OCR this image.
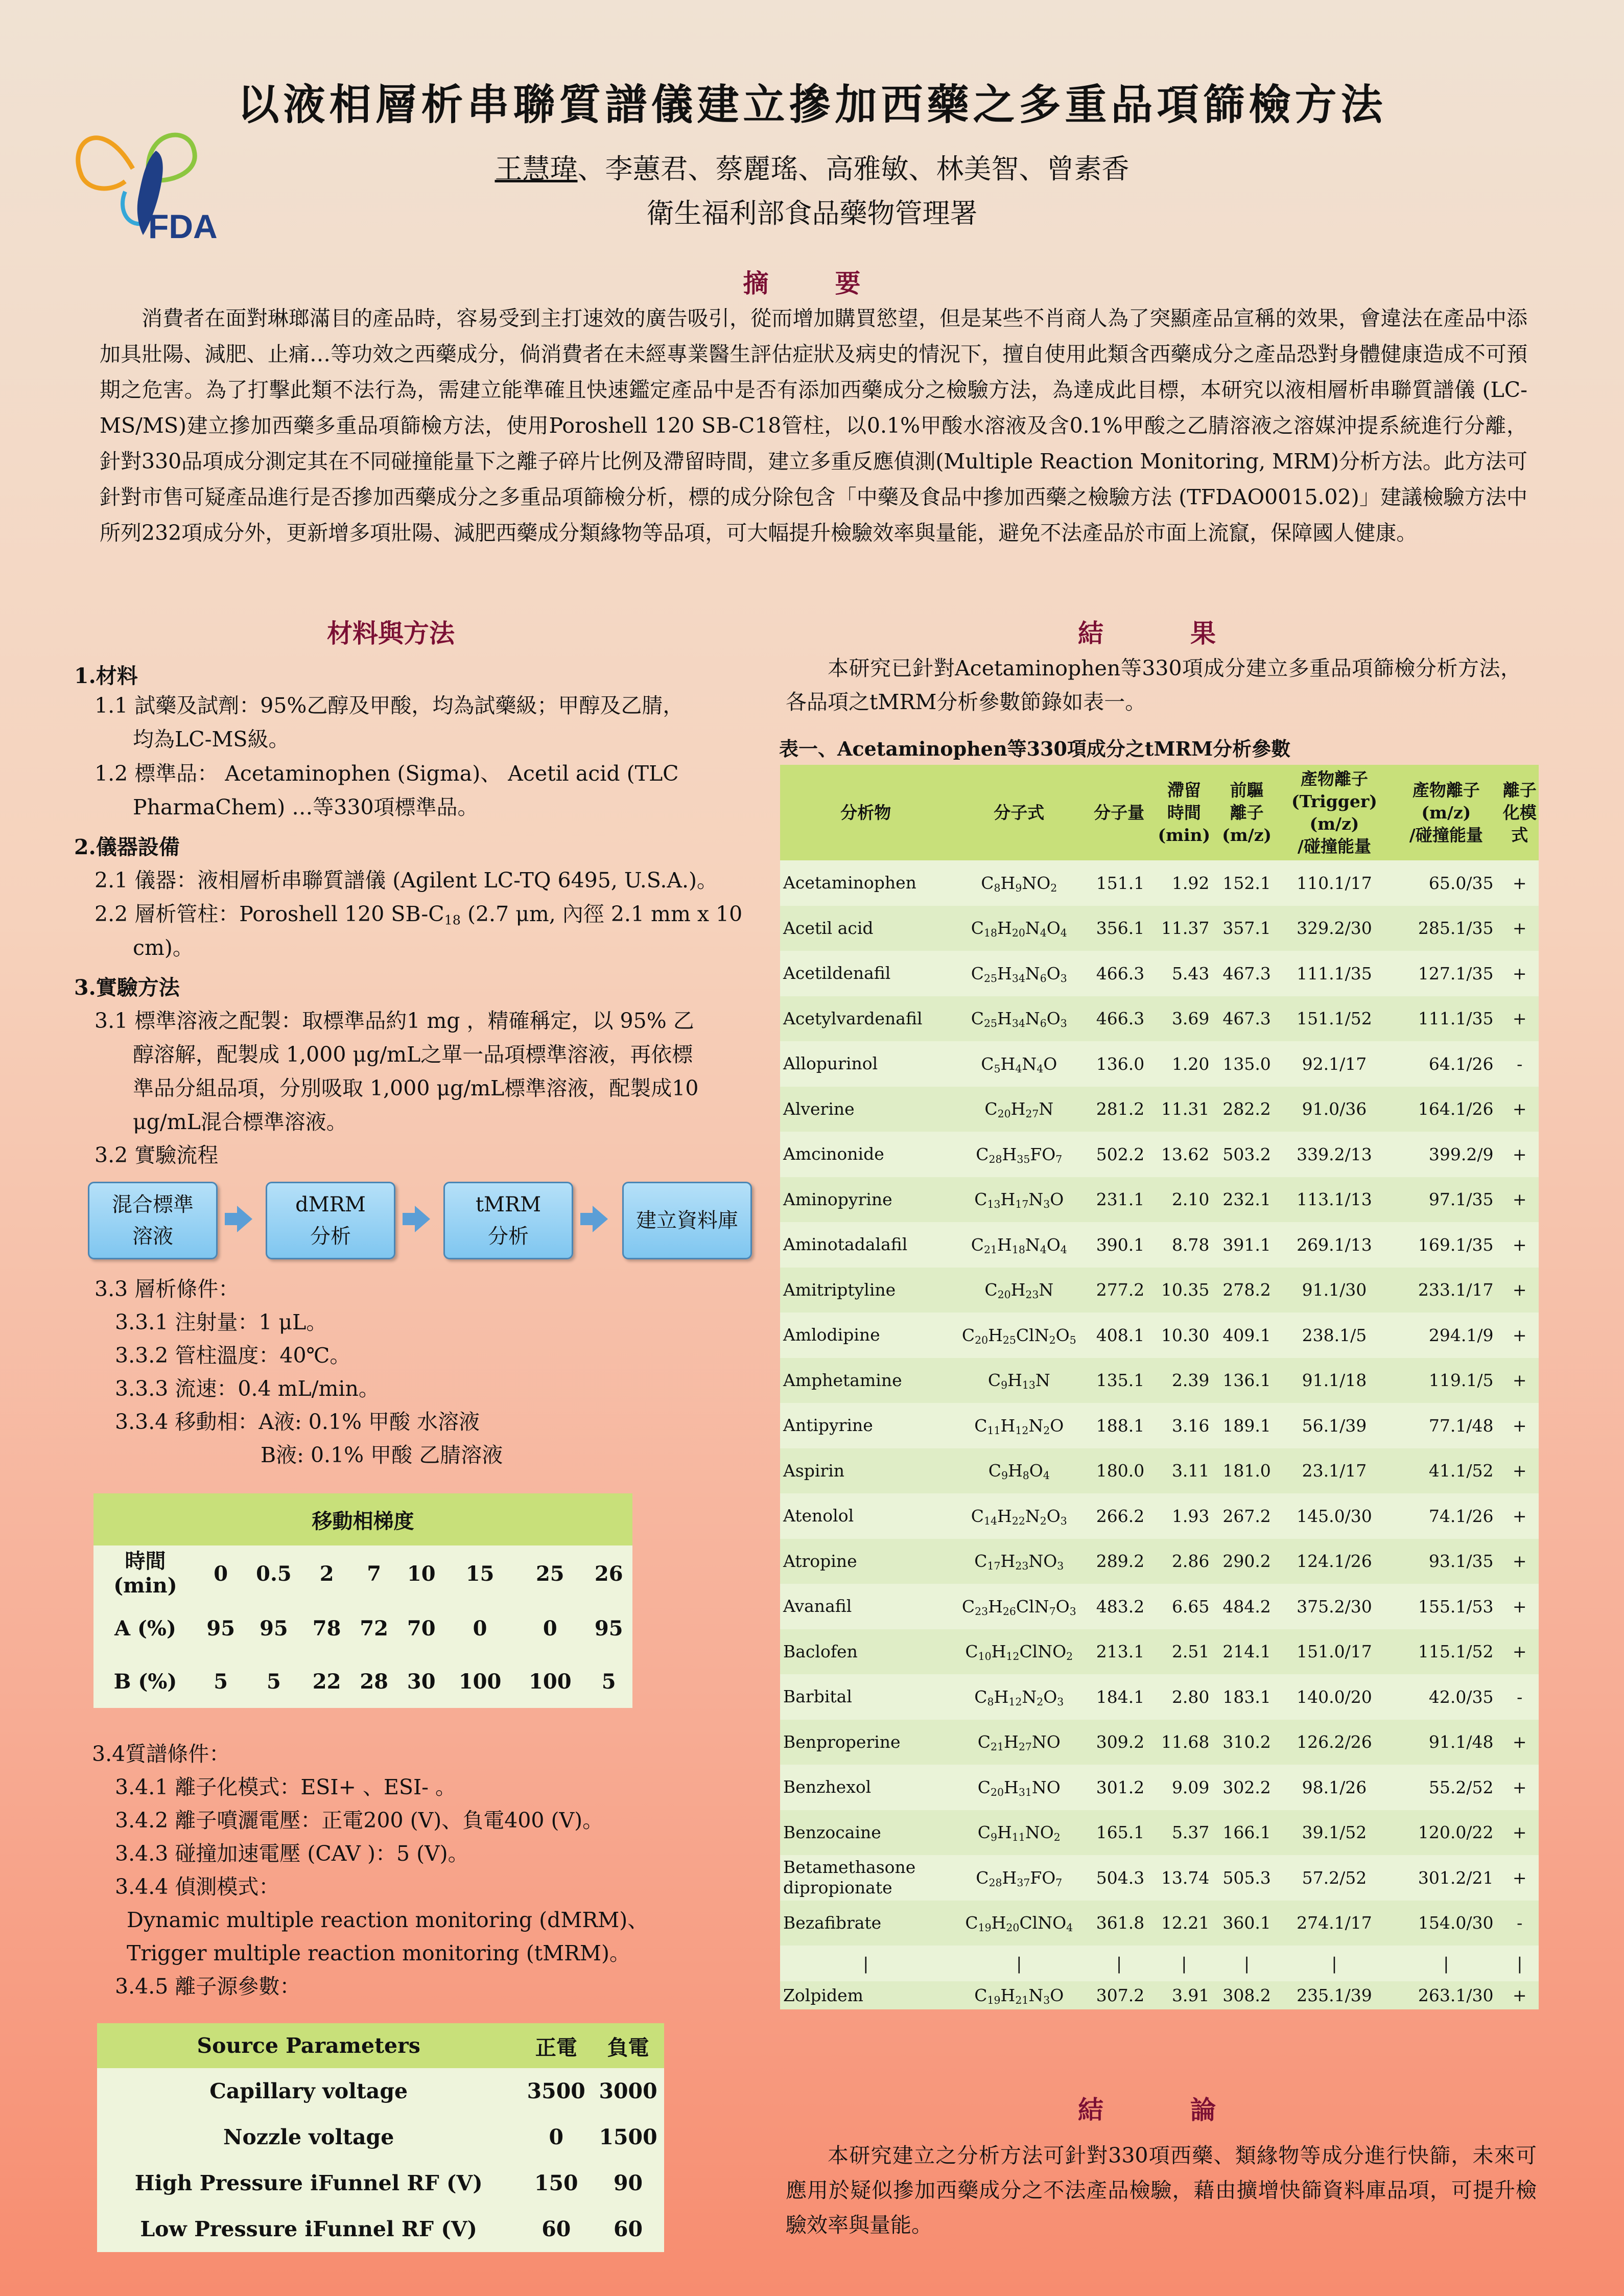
以液相層析串聯質譜儀建立摻加西藥之多重品項篩檢方法
王慧瑋、李蕙君、蔡麗瑤、高雅敏、林美智、曾素香
衛生福利部食品藥物管理署
FDA
摘　要
消費者在面對琳瑯滿目的產品時，容易受到主打速效的廣告吸引，從而增加購買慾望，但是某些不肖商人為了突顯產品宣稱的效果，會違法在產品中添加具壯陽、減肥、止痛…等功效之西藥成分，倘消費者在未經專業醫生評估症狀及病史的情況下，擅自使用此類含西藥成分之產品恐對身體健康造成不可預期之危害。為了打擊此類不法行為，需建立能準確且快速鑑定產品中是否有添加西藥成分之檢驗方法，為達成此目標，本研究以液相層析串聯質譜儀 (LC-MS/MS)建立摻加西藥多重品項篩檢方法，使用Poroshell 120 SB-C18管柱，以0.1%甲酸水溶液及含0.1%甲酸之乙腈溶液之溶媒沖提系統進行分離，針對330品項成分測定其在不同碰撞能量下之離子碎片比例及滯留時間，建立多重反應偵測(Multiple Reaction Monitoring, MRM)分析方法。此方法可針對市售可疑產品進行是否摻加西藥成分之多重品項篩檢分析，標的成分除包含「中藥及食品中摻加西藥之檢驗方法 (TFDAO0015.02)」建議檢驗方法中所列232項成分外，更新增多項壯陽、減肥西藥成分類緣物等品項，可大幅提升檢驗效率與量能，避免不法產品於市面上流竄，保障國人健康。
材料與方法	結　果
1.材料
1.1 試藥及試劑：95%乙醇及甲酸，均為試藥級；甲醇及乙腈，
均為LC-MS級。
1.2 標準品： Acetaminophen (Sigma)、 Acetil acid (TLC
PharmaChem) …等330項標準品。
2.儀器設備
2.1 儀器：液相層析串聯質譜儀 (Agilent LC-TQ 6495, U.S.A.)。
2.2 層析管柱：Poroshell 120 $SB-C_{18}$ (2.7 μm, 內徑 2.1 mm x 10
cm)。
3.實驗方法
3.1 標準溶液之配製：取標準品約1 mg ，精確稱定，以 95% 乙
醇溶解，配製成 1,000 μg/mL之單一品項標準溶液，再依標
準品分組品項，分別吸取 1,000 μg/mL標準溶液，配製成10
μg/mL混合標準溶液。
3.2 實驗流程
混合標準
溶液
dMRM
分析
tMRM
分析
建立資料庫
3.3 層析條件：
3.3.1 注射量：1 μL。
3.3.2 管柱溫度：40℃。
3.3.3 流速：0.4 mL/min。
3.3.4 移動相：A液: 0.1% 甲酸 水溶液
B液: 0.1% 甲酸 乙腈溶液
移動相梯度								
時間
(min)	0	0.5	2	7	10	15	25	26
A (%)	95	95	78	72	70	0	0	95
B (%)	5	5	22	28	30	100	100	5
3.4質譜條件：
3.4.1 離子化模式：ESI+ 、ESI- 。
3.4.2 離子噴灑電壓：正電200 (V)、負電400 (V)。
3.4.3 碰撞加速電壓 (CAV )：5 (V)。
3.4.4 偵測模式：
Dynamic multiple reaction monitoring (dMRM)、
Trigger multiple reaction monitoring (tMRM)。
3.4.5 離子源參數：
Source Parameters	正電	負電
Capillary voltage	3500	3000
Nozzle voltage	0	1500
High Pressure iFunnel RF (V)	150	90
Low Pressure iFunnel RF (V)	60	60
本研究已針對Acetaminophen等330項成分建立多重品項篩檢分析方法，各品項之tMRM分析參數節錄如表一。
表一、Acetaminophen等330項成分之tMRM分析參數
分析物	分子式	分子量	滯留
時間
(min)	前驅
離子
(m/z)	產物離子
(Trigger)
(m/z)
/碰撞能量	產物離子
(m/z)
/碰撞能量	離子
化模
式
Acetaminophen	$C_8H_9NO_2$	151.1	1.92	152.1	110.1/17	65.0/35	+
Acetil acid	$C_{18}H_{20}N_4O_4$	356.1	11.37	357.1	329.2/30	285.1/35	+
Acetildenafil	$C_{25}H_{34}N_6O_3$	466.3	5.43	467.3	111.1/35	127.1/35	+
Acetylvardenafil	$C_{25}H_{34}N_6O_3$	466.3	3.69	467.3	151.1/52	111.1/35	+
Allopurinol	$C_5H_4N_4O$	136.0	1.20	135.0	92.1/17	64.1/26	-
Alverine	$C_{20}H_{27}N$	281.2	11.31	282.2	91.0/36	164.1/26	+
Amcinonide	$C_{28}H_{35}FO_7$	502.2	13.62	503.2	339.2/13	399.2/9	+
Aminopyrine	$C_{13}H_{17}N_3O$	231.1	2.10	232.1	113.1/13	97.1/35	+
Aminotadalafil	$C_{21}H_{18}N_4O_4$	390.1	8.78	391.1	269.1/13	169.1/35	+
Amitriptyline	$C_{20}H_{23}N$	277.2	10.35	278.2	91.1/30	233.1/17	+
Amlodipine	$C_{20}H_{25}ClN_2O_5$	408.1	10.30	409.1	238.1/5	294.1/9	+
Amphetamine	$C_9H_{13}N$	135.1	2.39	136.1	91.1/18	119.1/5	+
Antipyrine	$C_{11}H_{12}N_2O$	188.1	3.16	189.1	56.1/39	77.1/48	+
Aspirin	$C_9H_8O_4$	180.0	3.11	181.0	23.1/17	41.1/52	+
Atenolol	$C_{14}H_{22}N_2O_3$	266.2	1.93	267.2	145.0/30	74.1/26	+
Atropine	$C_{17}H_{23}NO_3$	289.2	2.86	290.2	124.1/26	93.1/35	+
Avanafil	$C_{23}H_{26}ClN_7O_3$	483.2	6.65	484.2	375.2/30	155.1/53	+
Baclofen	$C_{10}H_{12}ClNO_2$	213.1	2.51	214.1	151.0/17	115.1/52	+
Barbital	$C_8H_{12}N_2O_3$	184.1	2.80	183.1	140.0/20	42.0/35	-
Benproperine	$C_{21}H_{27}NO$	309.2	11.68	310.2	126.2/26	91.1/48	+
Benzhexol	$C_{20}H_{31}NO$	301.2	9.09	302.2	98.1/26	55.2/52	+
Benzocaine	$C_9H_{11}NO_2$	165.1	5.37	166.1	39.1/52	120.0/22	+
Betamethasone dipropionate	$C_{28}H_{37}FO_7$	504.3	13.74	505.3	57.2/52	301.2/21	+
Bezafibrate	$C_{19}H_{20}ClNO_4$	361.8	12.21	360.1	274.1/17	154.0/30	-
|	|	|	|	|	|	|	|
Zolpidem	$C_{19}H_{21}N_3O$	307.2	3.91	308.2	235.1/39	263.1/30	+
結　論
本研究建立之分析方法可針對330項西藥、類緣物等成分進行快篩，未來可應用於疑似摻加西藥成分之不法產品檢驗，藉由擴增快篩資料庫品項，可提升檢驗效率與量能。
